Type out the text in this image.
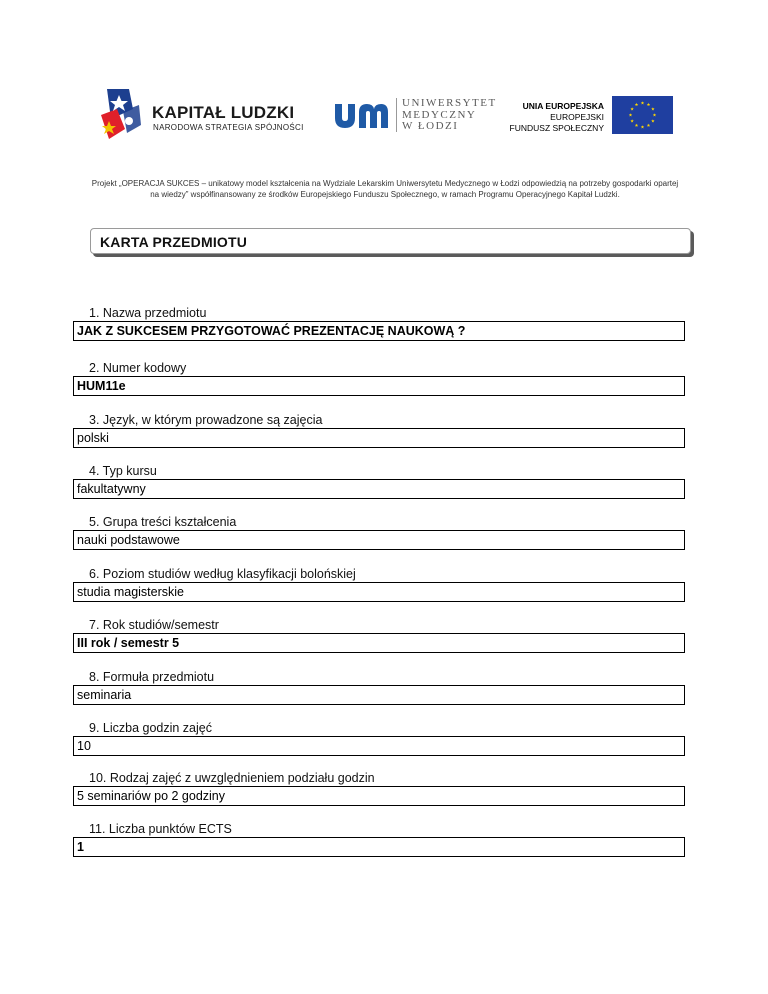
KAPITAŁ LUDZKI
NARODOWA STRATEGIA SPÓJNOŚCI
UNIWERSYTET
MEDYCZNY
W ŁODZI
UNIA EUROPEJSKA
EUROPEJSKI
FUNDUSZ SPOŁECZNY
Projekt „OPERACJA SUKCES – unikatowy model kształcenia na Wydziale Lekarskim Uniwersytetu Medycznego w Łodzi odpowiedzią na potrzeby gospodarki opartej na wiedzy” współfinansowany ze środków Europejskiego Funduszu Społecznego, w ramach Programu Operacyjnego Kapitał Ludzki.
KARTA PRZEDMIOTU
1. Nazwa przedmiotu
JAK Z SUKCESEM PRZYGOTOWAĆ PREZENTACJĘ NAUKOWĄ ?
2. Numer kodowy
HUM11e
3. Język, w którym prowadzone są zajęcia
polski
4. Typ kursu
fakultatywny
5. Grupa treści kształcenia
nauki podstawowe
6. Poziom studiów według klasyfikacji bolońskiej
studia magisterskie
7. Rok studiów/semestr
III rok / semestr 5
8. Formuła przedmiotu
seminaria
9. Liczba godzin zajęć
10
10. Rodzaj zajęć z uwzględnieniem podziału godzin
5 seminariów po 2 godziny
11. Liczba punktów ECTS
1
